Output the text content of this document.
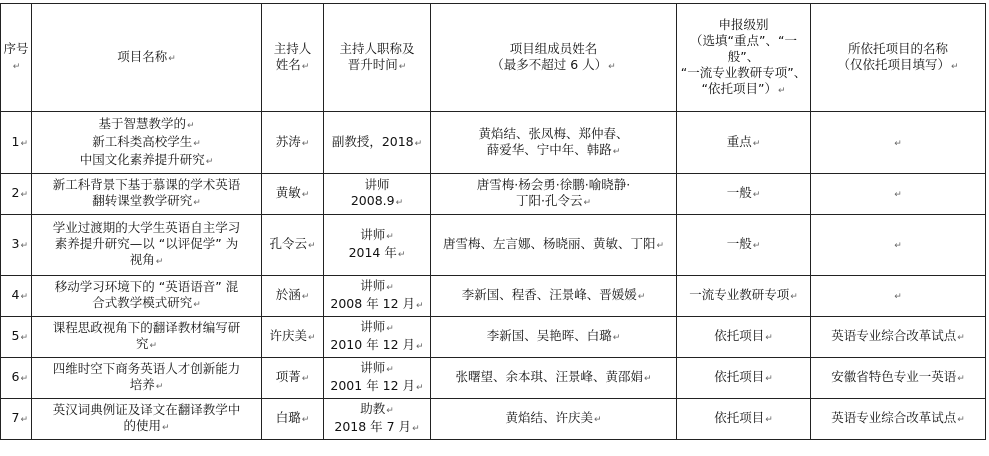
序号↵	项目名称↵	主持人
姓名↵	主持人职称及
晋升时间↵	项目组成员姓名
（最多不超过 6 人）↵	申报级别
（选填“重点”、“一般”、
“一流专业教研专项”、
“依托项目”）↵	所依托项目的名称
（仅依托项目填写）↵

1↵	基于智慧教学的↵
新工科类高校学生↵
中国文化素养提升研究↵	苏涛↵	副教授，2018↵	黄焰结、张凤梅、郑仲春、
薛爱华、宁中年、韩路↵	重点↵	↵
2↵	新工科背景下基于慕课的学术英语
翻转课堂教学研究↵	黄敏↵	讲师
2008.9↵	唐雪梅·杨会勇·徐鹏·喻晓静·
丁阳·孔令云↵	一般↵	↵
3↵	学业过渡期的大学生英语自主学习
素养提升研究—以 “以评促学” 为
视角↵	孔令云↵	讲师↵
2014 年↵	唐雪梅、左言娜、杨晓丽、黄敏、丁阳↵	一般↵	↵
4↵	移动学习环境下的 “英语语音” 混
合式教学模式研究↵	於涵↵	讲师↵
2008 年 12 月↵	李新国、程香、汪景峰、晋媛媛↵	一流专业教研专项↵	↵
5↵	课程思政视角下的翻译教材编写研
究↵	许庆美↵	讲师↵
2010 年 12 月↵	李新国、吴艳晖、白璐↵	依托项目↵	英语专业综合改革试点↵
6↵	四维时空下商务英语人才创新能力
培养↵	项菁↵	讲师↵
2001 年 12 月↵	张曙望、余本琪、汪景峰、黄邵娟↵	依托项目↵	安徽省特色专业一英语↵
7↵	英汉词典例证及译文在翻译教学中
的使用↵	白璐↵	助教↵
2018 年 7 月↵	黄焰结、许庆美↵	依托项目↵	英语专业综合改革试点↵
